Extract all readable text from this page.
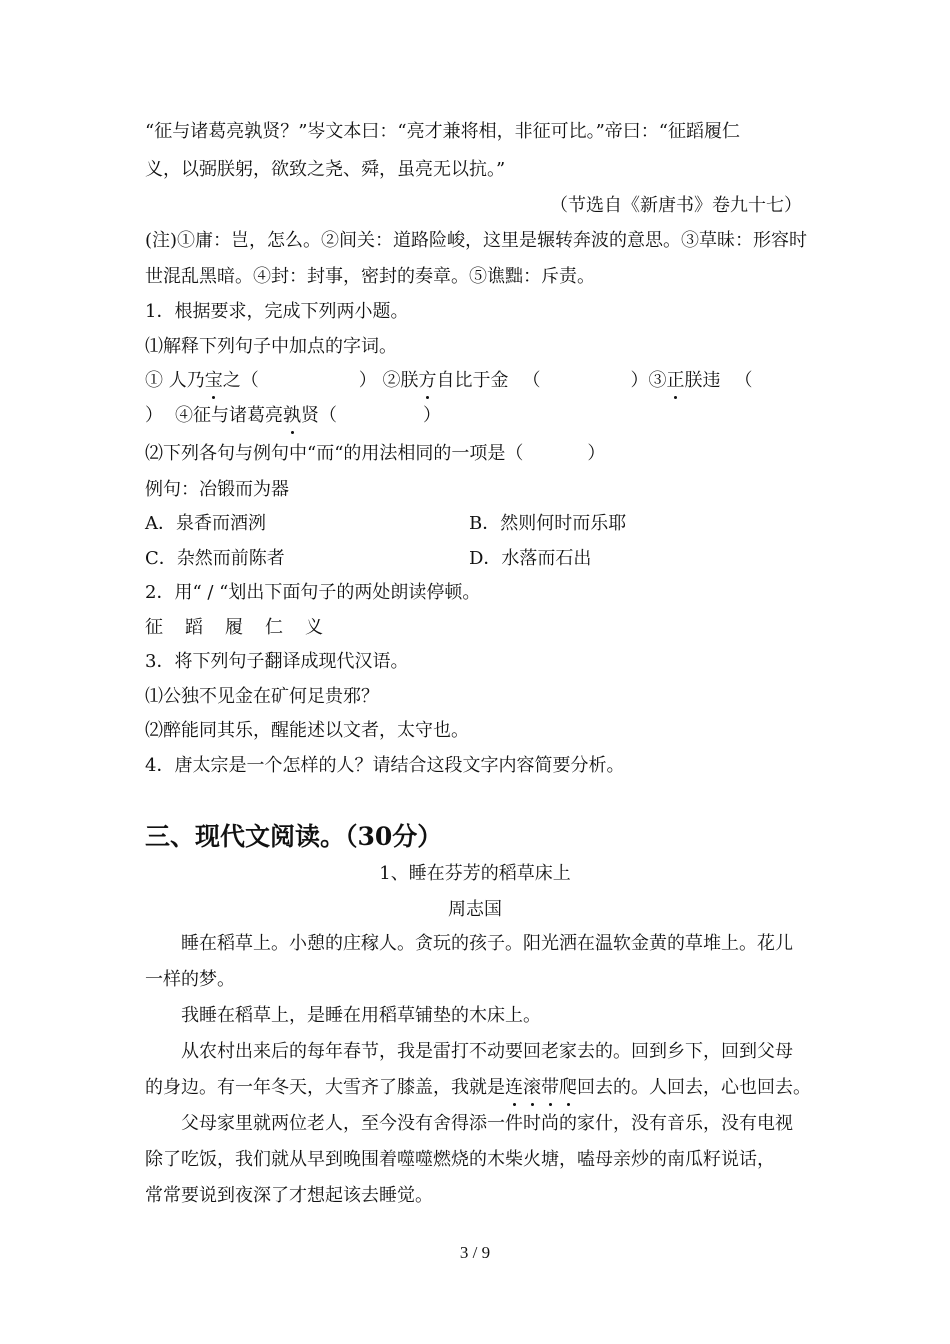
“征与诸葛亮孰贤？”岑文本曰：“亮才兼将相，非征可比。”帝曰：“征蹈履仁
义，以弼朕躬，欲致之尧、舜，虽亮无以抗。”
（节选自《新唐书》卷九十七）
(注)①庸：岂，怎么。②间关：道路险峻，这里是辗转奔波的意思。③草昧：形容时
世混乱黑暗。④封：封事，密封的奏章。⑤谯黜：斥责。
1．根据要求，完成下列两小题。
⑴解释下列句子中加点的字词。
① 人乃宝之（	） ②朕方自比于金 （	）③正朕违 （
） ④征与诸葛亮孰贤（	）
⑵下列各句与例句中“而“的用法相同的一项是（	）
例句：冶锻而为器
A．泉香而酒洌	B．然则何时而乐耶
C．杂然而前陈者	D．水落而石出
2．用“ / “划出下面句子的两处朗读停顿。
征　蹈　履　仁　义
3．将下列句子翻译成现代汉语。
⑴公独不见金在矿何足贵邪？
⑵醉能同其乐，醒能述以文者，太守也。
4．唐太宗是一个怎样的人？请结合这段文字内容简要分析。
三、现代文阅读。（30分）
1、睡在芬芳的稻草床上
周志国
睡在稻草上。小憩的庄稼人。贪玩的孩子。阳光洒在温软金黄的草堆上。花儿
一样的梦。
我睡在稻草上，是睡在用稻草铺垫的木床上。
从农村出来后的每年春节，我是雷打不动要回老家去的。回到乡下，回到父母
的身边。有一年冬天，大雪齐了膝盖，我就是连滚带爬回去的。人回去，心也回去。
父母家里就两位老人，至今没有舍得添一件时尚的家什，没有音乐，没有电视
除了吃饭，我们就从早到晚围着噬噬燃烧的木柴火塘，嗑母亲炒的南瓜籽说话，
常常要说到夜深了才想起该去睡觉。
3 / 9
